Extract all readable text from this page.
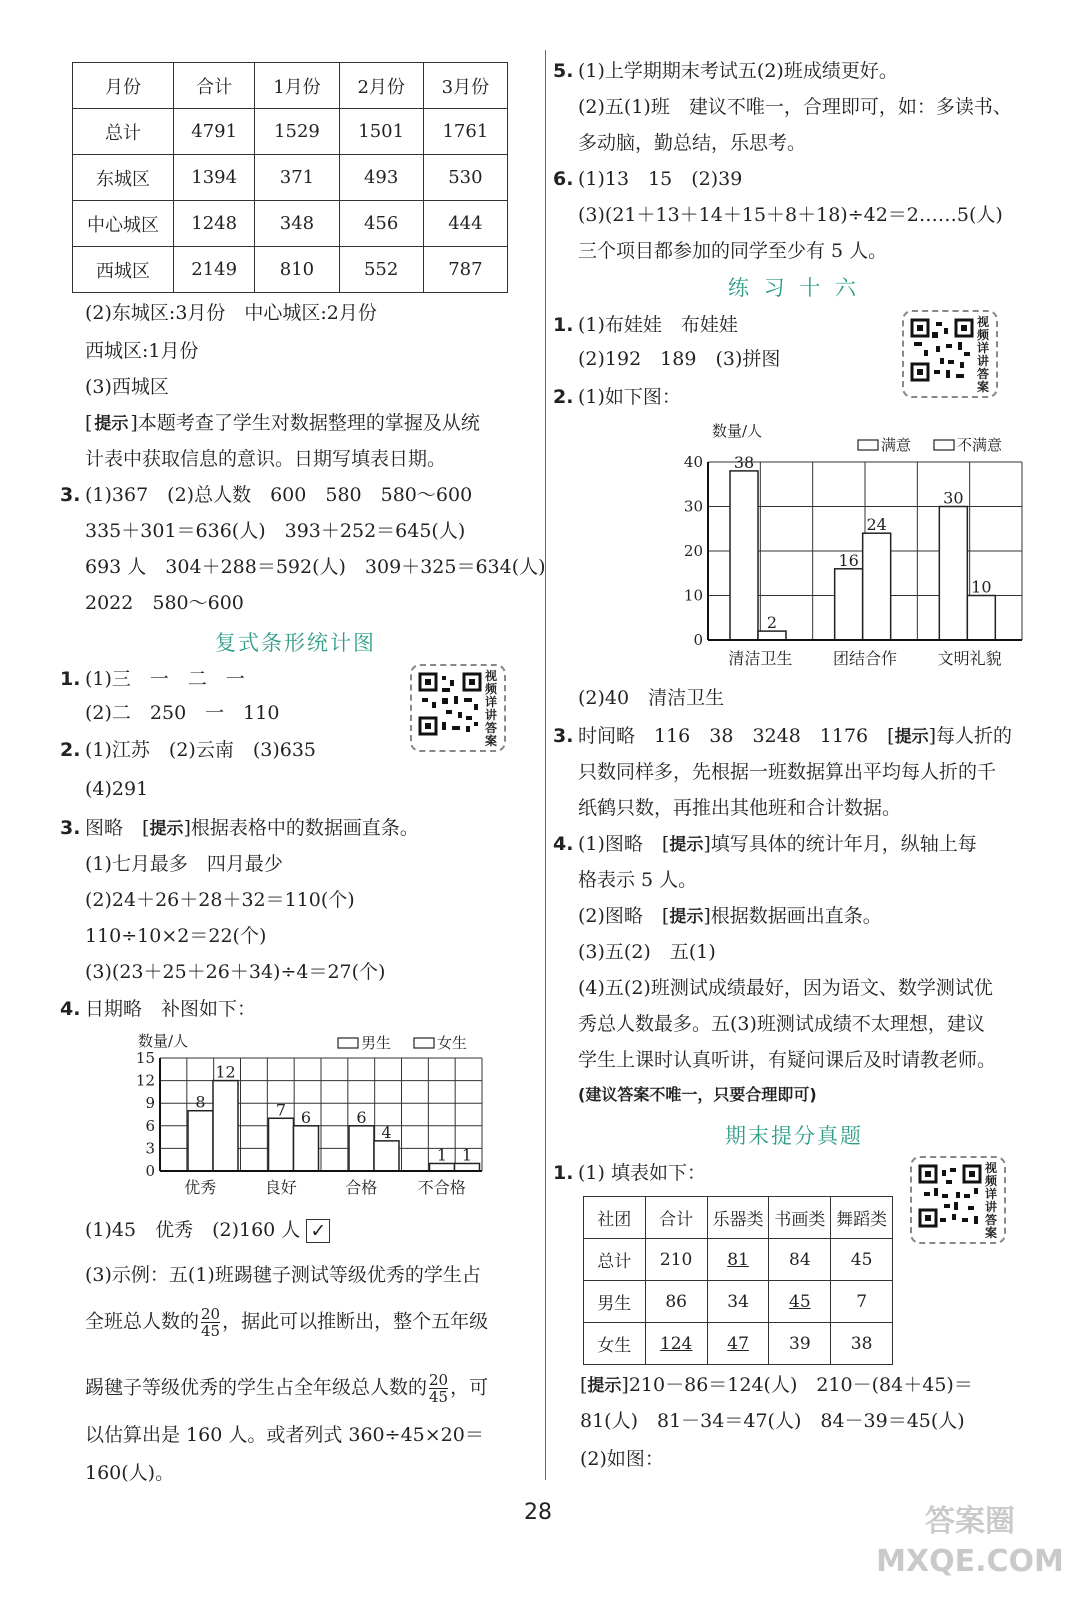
月份	合计	1月份	2月份	3月份
总计	4791	1529	1501	1761
东城区	1394	371	493	530
中心城区	1248	348	456	444
西城区	2149	810	552	787
(2)东城区:3月份　中心城区:2月份
西城区:1月份
(3)西城区
[ 提示 ]本题考查了学生对数据整理的掌握及从统
计表中获取信息的意识。日期写填表日期。
3. (1)367　(2)总人数　600　580　580～600
335＋301＝636(人)　393＋252＝645(人)
693 人　304＋288＝592(人)　309＋325＝634(人)
2022　580～600
复式条形统计图
1. (1)三　一　二　一
(2)二　250　一　110
2. (1)江苏　(2)云南　(3)635
(4)291
视频详讲答案
3. 图略　[提示]根据表格中的数据画直条。
(1)七月最多　四月最少
(2)24＋26＋28＋32＝110(个)
110÷10×2＝22(个)
(3)(23＋25＋26＋34)÷4＝27(个)
4. 日期略　补图如下：
数量/人
0
3
6
9
12
15
8
12
优秀
7 6
良好
6
4
合格
1 1
不合格
男生	女生
(1)45　优秀　(2)160 人 ✓
(3)示例：五(1)班踢毽子测试等级优秀的学生占
全班总人数的 $\frac{20}{45}$ ，据此可以推断出，整个五年级
踢毽子等级优秀的学生占全年级总人数的 $\frac{20}{45}$ ，可
以估算出是 160 人。或者列式 360÷45×20＝
160(人)。
5. (1)上学期期末考试五(2)班成绩更好。
(2)五(1)班　建议不唯一，合理即可，如：多读书、
多动脑，勤总结，乐思考。
6. (1)13　15　(2)39
(3)(21＋13＋14＋15＋8＋18)÷42＝2……5(人)
三个项目都参加的同学至少有 5 人。
练 习 十 六
1. (1)布娃娃　布娃娃
(2)192　189　(3)拼图
2. (1)如下图：
视频详讲答案
数量/人
0
10
20
30
40 38
2
清洁卫生
16
24
团结合作
30
10
文明礼貌
满意	不满意
(2)40　清洁卫生
3. 时间略　116　38　3248　1176　[提示]每人折的
只数同样多，先根据一班数据算出平均每人折的千
纸鹤只数，再推出其他班和合计数据。
4. (1)图略　[提示]填写具体的统计年月，纵轴上每
格表示 5 人。
(2)图略　[提示]根据数据画出直条。
(3)五(2)　五(1)
(4)五(2)班测试成绩最好，因为语文、数学测试优
秀总人数最多。五(3)班测试成绩不太理想，建议
学生上课时认真听讲，有疑问课后及时请教老师。
(建议答案不唯一，只要合理即可)
期末提分真题
1. (1) 填表如下：	视频详讲答案
社团	合计	乐器类	书画类	舞蹈类
总计	210	81	84	45
男生	86	34	45	7
女生	124	47	39	38
[提示]210－86＝124(人)　210－(84＋45)＝
81(人)　81－34＝47(人)　84－39＝45(人)
(2)如图：
28	答案圈 MXQE.COM
